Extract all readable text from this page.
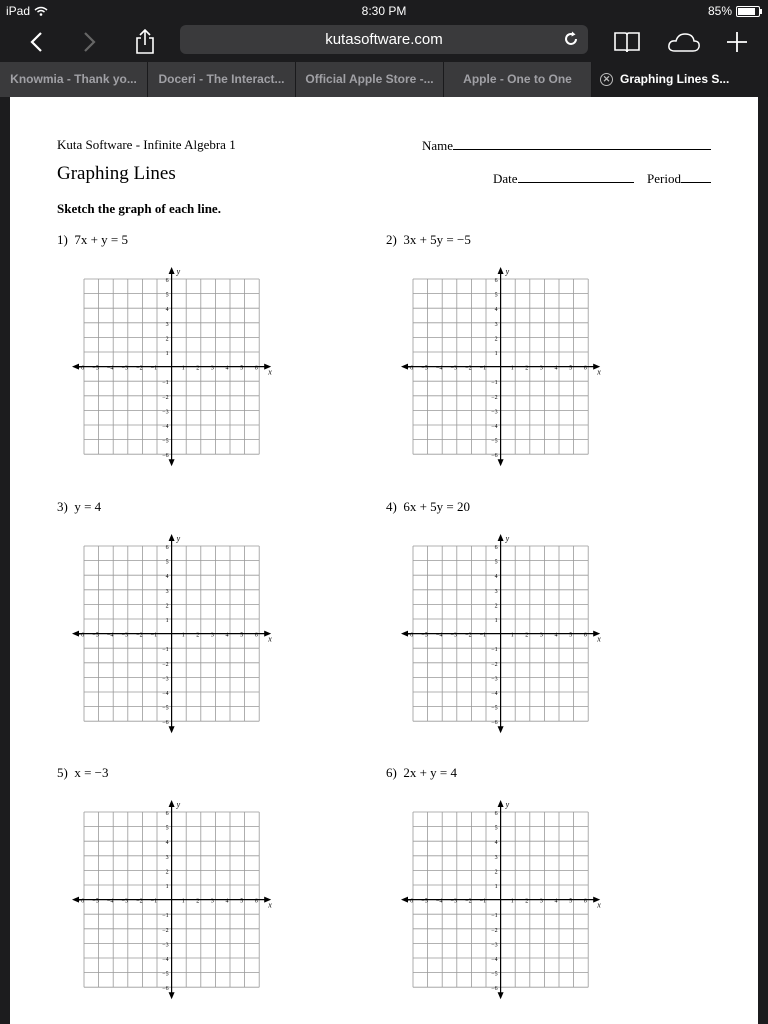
iPad	8:30 PM	85%
kutasoftware.com
Knowmia - Thank yo...	Doceri - The Interact...	Official Apple Store -...	Apple - One to One	✕ Graphing Lines S...
Kuta Software - Infinite Algebra 1	Name
Graphing Lines	Date	Period
Sketch the graph of each line.
1) 7x + y = 5	2) 3x + 5y = −5
3) y = 4	4) 6x + 5y = 20
5) x = −3	6) 2x + y = 4
x
y
−6
−6
−5
−5
−4
−4
−3
−3
−2
−2
−1
−1
1
1
2
2
3
3
4
4
5
5
6
6
x
y
−6
−6
−5
−5
−4
−4
−3
−3
−2
−2
−1
−1
1
1
2
2
3
3
4
4
5
5
6
6
x
y
−6
−6
−5
−5
−4
−4
−3
−3
−2
−2
−1
−1
1
1
2
2
3
3
4
4
5
5
6
6
x
y
−6
−6
−5
−5
−4
−4
−3
−3
−2
−2
−1
−1
1
1
2
2
3
3
4
4
5
5
6
6
x
y
−6
−6
−5
−5
−4
−4
−3
−3
−2
−2
−1
−1
1
1
2
2
3
3
4
4
5
5
6
6
x
y
−6
−6
−5
−5
−4
−4
−3
−3
−2
−2
−1
−1
1
1
2
2
3
3
4
4
5
5
6
6
